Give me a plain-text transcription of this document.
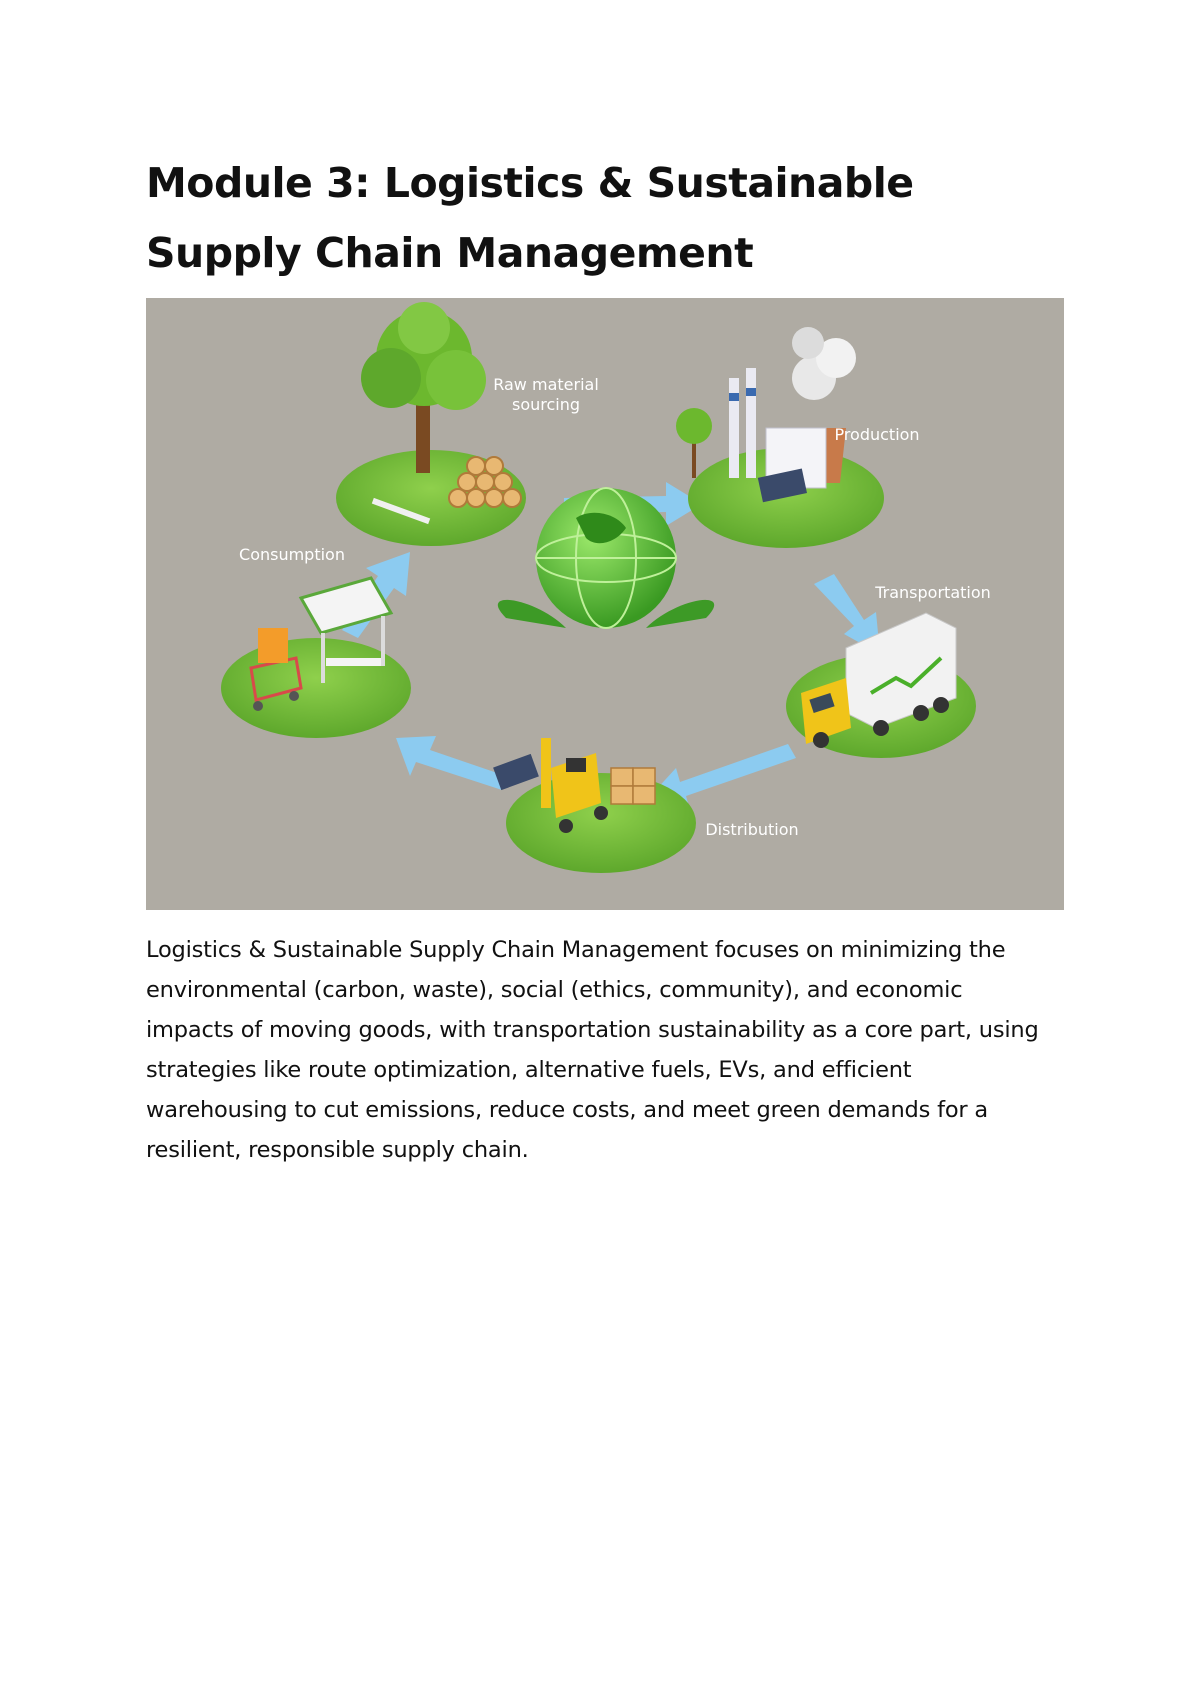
Module 3: Logistics & Sustainable Supply Chain Management
Raw material
sourcing
Production
Transportation
Distribution
Consumption

Logistics & Sustainable Supply Chain Management focuses on minimizing the environmental (carbon, waste), social (ethics, community), and economic impacts of moving goods, with transportation sustainability as a core part, using strategies like route optimization, alternative fuels, EVs, and efficient warehousing to cut emissions, reduce costs, and meet green demands for a resilient, responsible supply chain.
